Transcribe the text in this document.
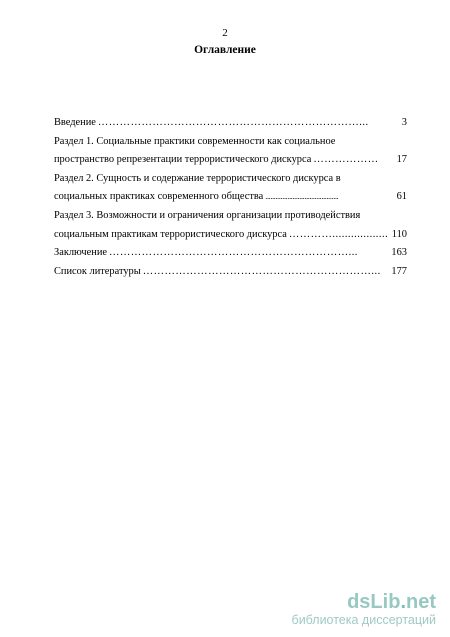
2
Оглавление
Введение ………………………………………………………………...	3
Раздел 1. Социальные практики современности как социальное
пространство репрезентации террористического дискурса ………………	17
Раздел 2. Сущность и содержание террористического дискурса в
социальных практиках современного общества ...........................................	61
Раздел 3. Возможности и ограничения организации противодействия
социальным практикам террористического дискурса ………….................. 110
Заключение …………………………………………………………...	163
Список литературы ………………………………………………………...	177
dsLib.net
библиотека диссертаций
